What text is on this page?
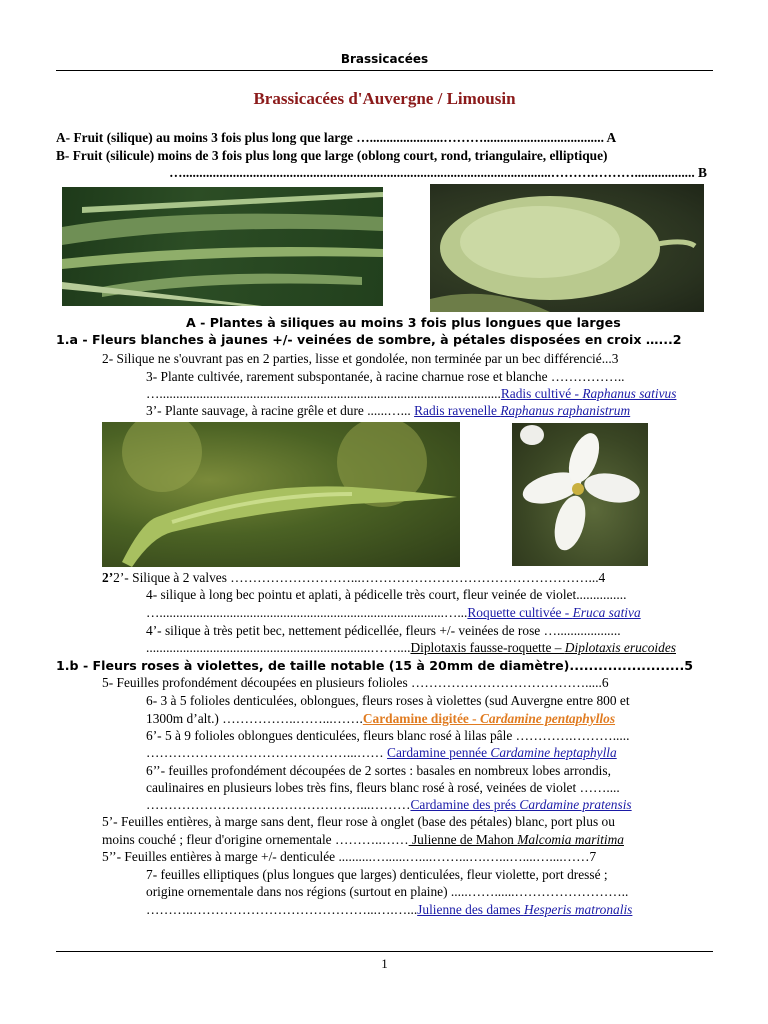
Brassicacées
Brassicacées d'Auvergne / Limousin
A- Fruit (silique) au moins 3 fois plus long que large …......................……….................................... A
B- Fruit (silicule) moins de 3 fois plus long que large (oblong court, rond, triangulaire, elliptique)
…..............................................................................................................……….……….................. B
A - Plantes à siliques au moins 3 fois plus longues que larges
1.a - Fleurs blanches à jaunes +/- veinées de sombre, à pétales disposées en croix …...2
2- Silique ne s'ouvrant pas en 2 parties, lisse et gondolée, non terminée par un bec différencié...3
3- Plante cultivée, rarement subspontanée, à racine charnue rose et blanche ……………..
…......................................................................................................Radis cultivé - Raphanus sativus
3’- Plante sauvage, à racine grêle et dure ......…... Radis ravenelle Raphanus raphanistrum
2’2’- Silique à 2 valves ………………………...……………………………………………...4
4- silique à long bec pointu et aplati, à pédicelle très court, fleur veinée de violet...............
….....................................................................................…...Roquette cultivée - Eruca sativa
4’- silique à très petit bec, nettement pédicellée, fleurs +/- veinées de rose …...................
...................................................................……....Diplotaxis fausse-roquette – Diplotaxis erucoides
1.b - Fleurs roses à violettes, de taille notable (15 à 20mm de diamètre)........................5
5- Feuilles profondément découpées en plusieurs folioles ………………………………….....6
6- 3 à 5 folioles denticulées, oblongues, fleurs roses à violettes (sud Auvergne entre 800 et
1300m d’alt.) ……………..……...…….Cardamine digitée - Cardamine pentaphyllos
6’- 5 à 9 folioles oblongues denticulées, fleurs blanc rosé à lilas pâle ………….……….....
………………………………………...…… Cardamine pennée Cardamine heptaphylla
6’’- feuilles profondément découpées de 2 sortes : basales en nombreux lobes arrondis,
caulinaires en plusieurs lobes très fins, fleurs blanc rosé à rosé, veinées de violet ……....
…………………………………………...………Cardamine des prés Cardamine pratensis
5’- Feuilles entières, à marge sans dent, fleur rose à onglet (base des pétales) blanc, port plus ou
moins couché ; fleur d'origine ornementale ………..…… Julienne de Mahon Malcomia maritima
5’’- Feuilles entières à marge +/- denticulée ..........…......…....……...….…...…....…....……7
7- feuilles elliptiques (plus longues que larges) denticulées, fleur violette, port dressé ;
origine ornementale dans nos régions (surtout en plaine) .....……......……………………..
………..…………………………………...….…...Julienne des dames Hesperis matronalis
1
